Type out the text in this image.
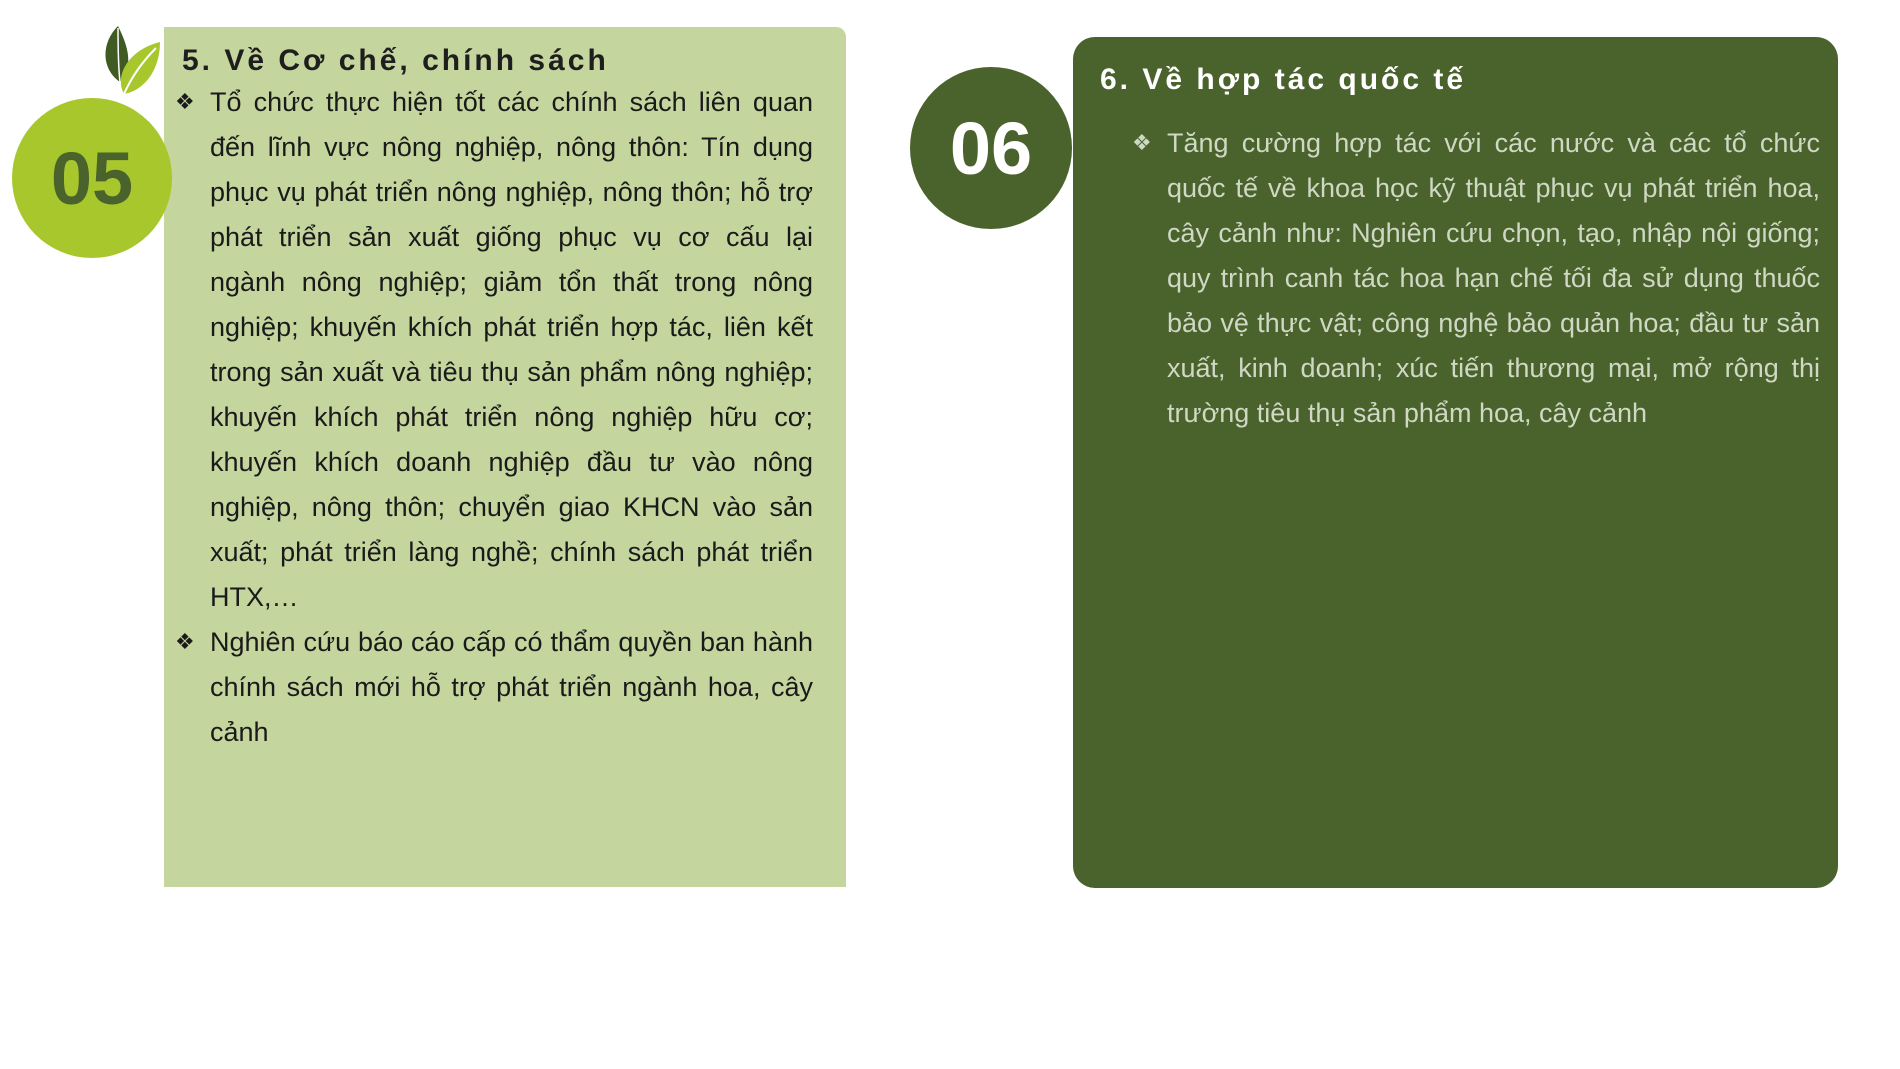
05	06
5. Về Cơ chế, chính sách
6. Về hợp tác quốc tế
❖ Tổ chức thực hiện tốt các chính sách liên quan đến lĩnh vực nông nghiệp, nông thôn: Tín dụng phục vụ phát triển nông nghiệp, nông thôn; hỗ trợ phát triển sản xuất giống phục vụ cơ cấu lại ngành nông nghiệp; giảm tổn thất trong nông nghiệp; khuyến khích phát triển hợp tác, liên kết trong sản xuất và tiêu thụ sản phẩm nông nghiệp; khuyến khích phát triển nông nghiệp hữu cơ; khuyến khích doanh nghiệp đầu tư vào nông nghiệp, nông thôn; chuyển giao KHCN vào sản xuất; phát triển làng nghề; chính sách phát triển HTX,…
❖ Nghiên cứu báo cáo cấp có thẩm quyền ban hành chính sách mới hỗ trợ phát triển ngành hoa, cây cảnh
❖ Tăng cường hợp tác với các nước và các tổ chức quốc tế về khoa học kỹ thuật phục vụ phát triển hoa, cây cảnh như: Nghiên cứu chọn, tạo, nhập nội giống; quy trình canh tác hoa hạn chế tối đa sử dụng thuốc bảo vệ thực vật; công nghệ bảo quản hoa; đầu tư sản xuất, kinh doanh; xúc tiến thương mại, mở rộng thị trường tiêu thụ sản phẩm hoa, cây cảnh
